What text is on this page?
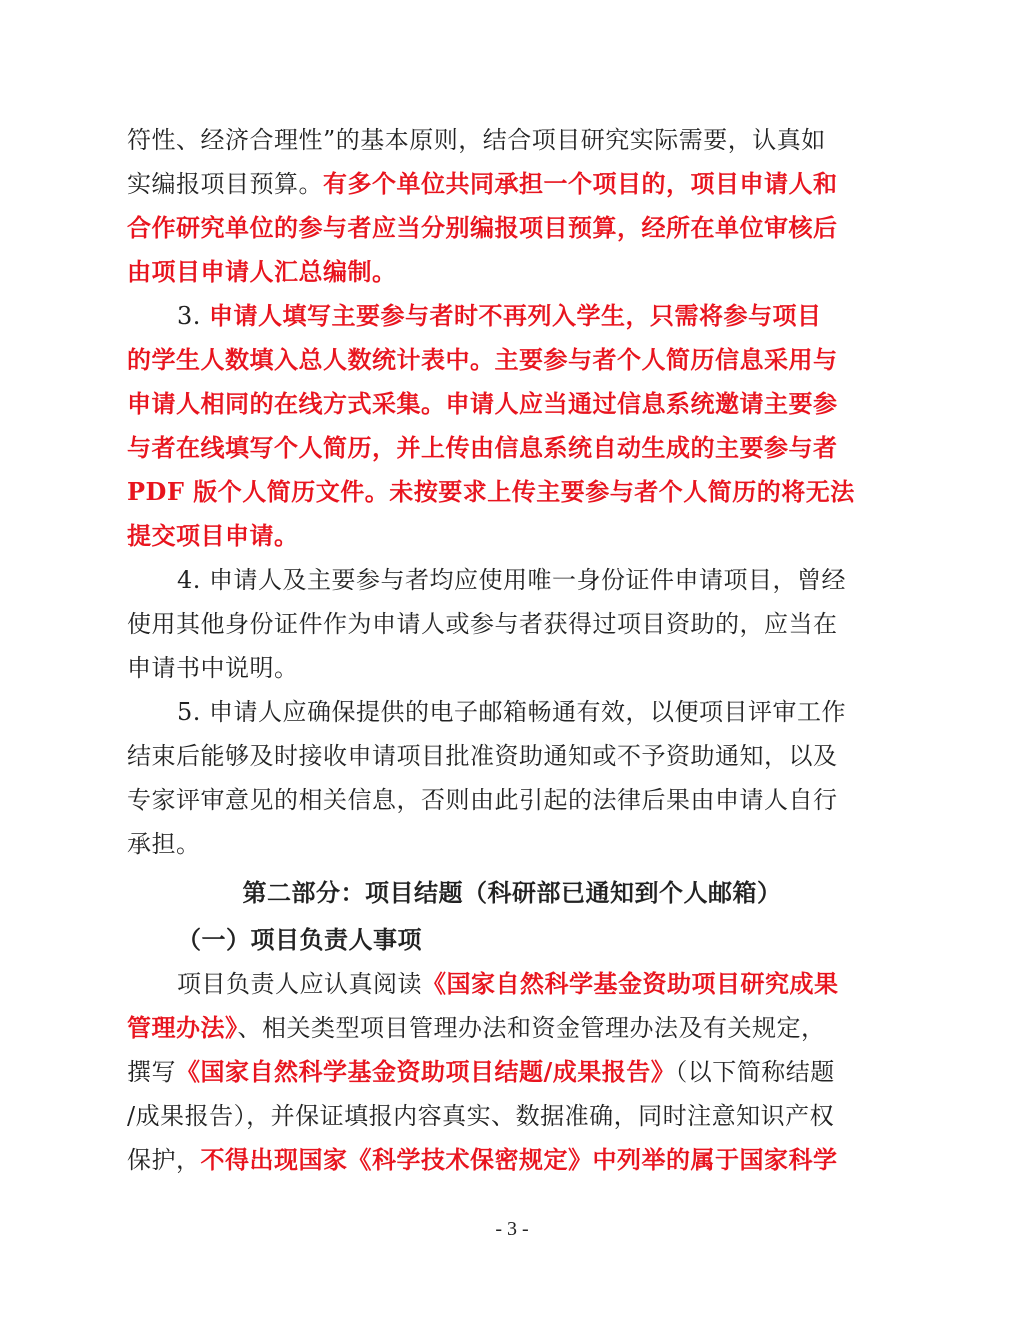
符性、经济合理性”的基本原则，结合项目研究实际需要，认真如
实编报项目预算。有多个单位共同承担一个项目的，项目申请人和
合作研究单位的参与者应当分别编报项目预算，经所在单位审核后
由项目申请人汇总编制。
3. 申请人填写主要参与者时不再列入学生，只需将参与项目
的学生人数填入总人数统计表中。主要参与者个人简历信息采用与
申请人相同的在线方式采集。申请人应当通过信息系统邀请主要参
与者在线填写个人简历，并上传由信息系统自动生成的主要参与者
PDF 版个人简历文件。未按要求上传主要参与者个人简历的将无法
提交项目申请。
4. 申请人及主要参与者均应使用唯一身份证件申请项目，曾经
使用其他身份证件作为申请人或参与者获得过项目资助的，应当在
申请书中说明。
5. 申请人应确保提供的电子邮箱畅通有效，以便项目评审工作
结束后能够及时接收申请项目批准资助通知或不予资助通知，以及
专家评审意见的相关信息，否则由此引起的法律后果由申请人自行
承担。
第二部分：项目结题（科研部已通知到个人邮箱）
（一）项目负责人事项
项目负责人应认真阅读《国家自然科学基金资助项目研究成果
管理办法》、相关类型项目管理办法和资金管理办法及有关规定，
撰写《国家自然科学基金资助项目结题/成果报告》（以下简称结题
/成果报告），并保证填报内容真实、数据准确，同时注意知识产权
保护，不得出现国家《科学技术保密规定》中列举的属于国家科学
- 3 -
